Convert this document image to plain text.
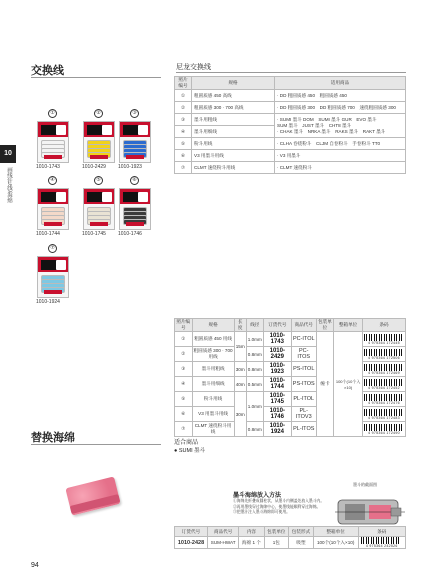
交换线	尼龙交换线
10
画线针/线/海绵
①
1010-1743
②
1010-2429
③
1010-1923
④
1010-1744
⑤
1010-1745
⑥
1010-1746
⑦
1010-1924
照片编号	规格	适用商品
①	粗圆质感 450 高线	· DD 粗圆质感 450　粗圆质感 450
②	粗圆质感 300 · 700 高线	· DD 粗圆质感 300　DD 粗圆质感 700　速绕粗圆质感 300
③	墨斗用粗线	· SUMI 墨斗 DOM　SUMI 墨斗 GUR　EVO 墨斗
SUM 墨斗　JUST 墨斗　CHT8 墨斗
· CHAK 墨斗　NRKA 墨斗　RAKS 墨斗　RAKT 墨斗
④	墨斗用细线	
⑤	粉斗用线	· CLHA 卷绕粉斗　CLJM 自卷粉斗　手卷粉斗 TT0
⑥	V3 用墨斗用线	· V3 用墨斗
⑦	CLMT 速绕粉斗用线	· CLMT 速绕粉斗
照片编号	规格	长度	线径	订货代号	商品代号	包装单位	整箱单位	条码
①	粗圆质感 450 用线	15m	1.0mm	1010-1743	PC-ITOL	缠卡	100个(10个入×10)	4 975364 172445

②	粗圆质感 300 · 700 用线		0.8mm	1010-2429	PC-ITOS			4 975364 172506

③	墨斗用粗线	30m	0.8mm	1010-1923	PS-ITOL			4 975364 172469

④	墨斗用细线	40m	0.5mm	1010-1744	PS-ITOS			4 975364 172452

⑤	粉斗用线	30m	1.0mm	1010-1745	PL-ITOL			4 975364 172476

⑥	V3 用墨斗用线			1010-1746	PL-ITOV3			4 975364 172483

⑦	CLMT 速绕粉斗用线		0.8mm	1010-1924	PL-ITOS			4 975364 172490
替换海绵	适合商品
● SUMI 墨斗
墨斗海绵放入方法
①海绵先折叠成圆柱状，从墨斗内侧盖处放入墨斗内。
②再用墨线穿过海绵中心，使墨线能顺利穿过海绵。
③把墨汁注入墨斗海绵即可使用。
墨斗的截面图
订货代号	商品代号	内容	包装单位	包装形式	整箱单位	条码
1010-2428	SUM-HWAT	海绵 1 个	1包	吸塑	100个(10个入×10)	4 975364 242526
94
